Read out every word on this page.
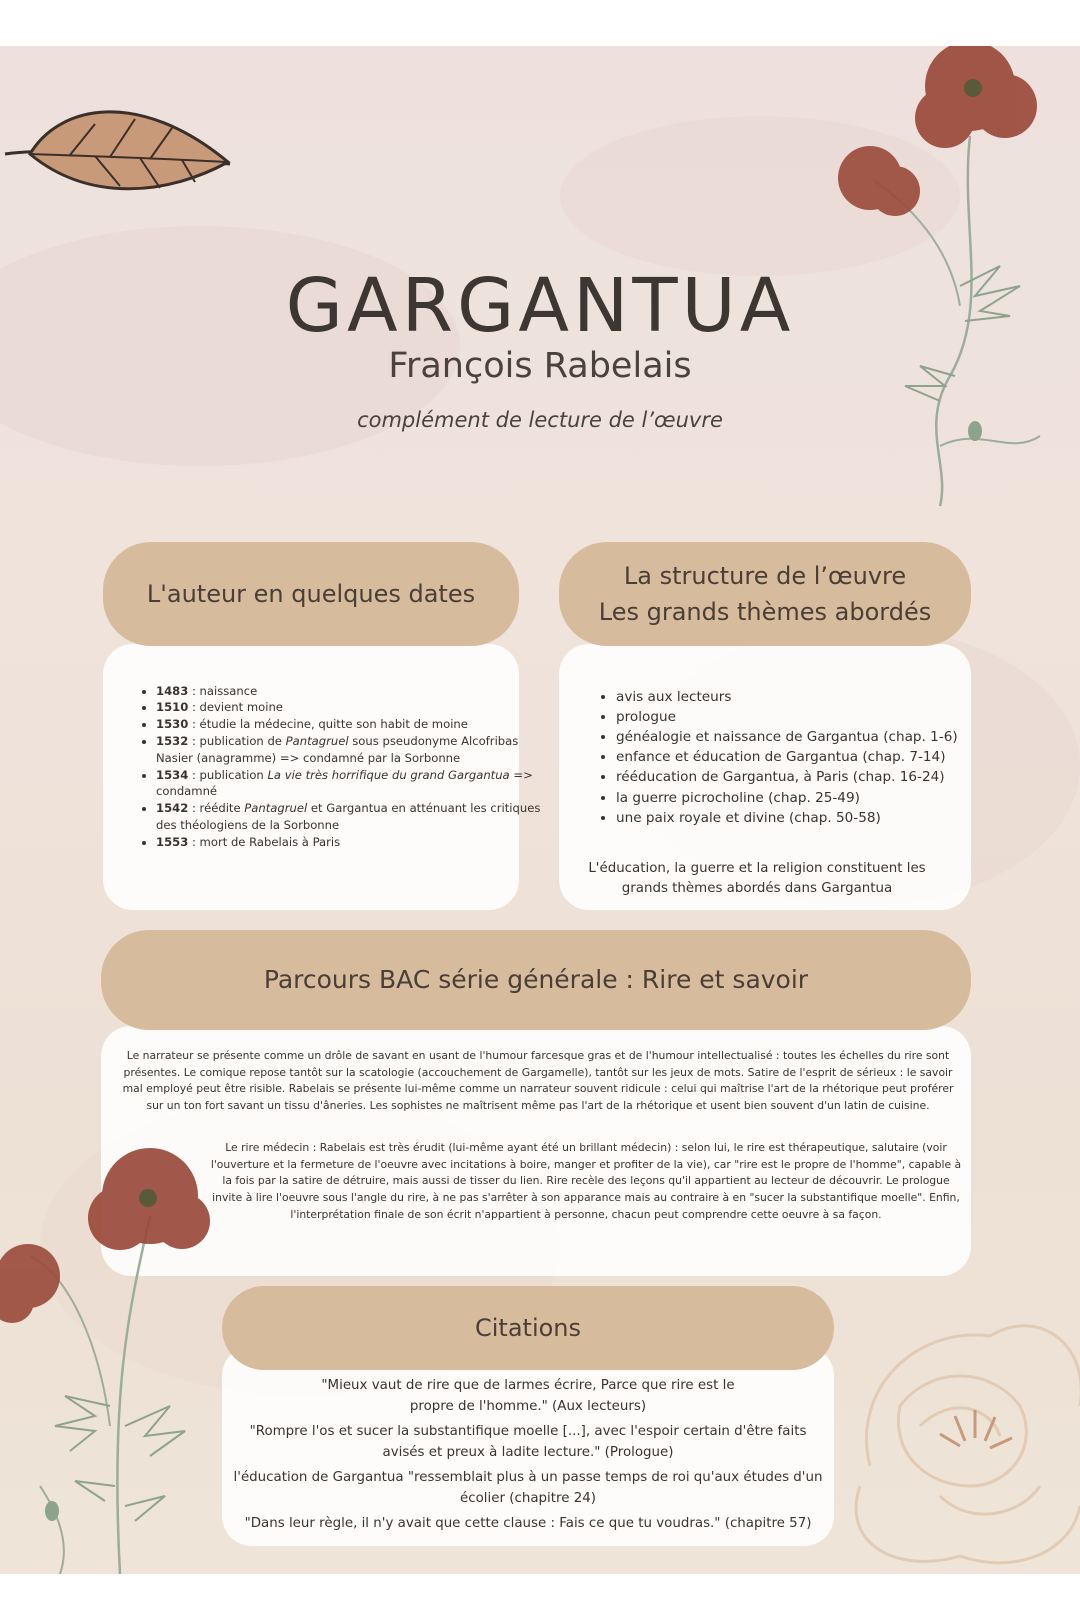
GARGANTUA
François Rabelais
complément de lecture de l’œuvre
L'auteur en quelques dates
• 1483 : naissance
• 1510 : devient moine
• 1530 : étudie la médecine, quitte son habit de moine
• 1532 : publication de Pantagruel sous pseudonyme Alcofribas Nasier (anagramme) => condamné par la Sorbonne
• 1534 : publication La vie très horrifique du grand Gargantua => condamné
• 1542 : réédite Pantagruel et Gargantua en atténuant les critiques des théologiens de la Sorbonne
• 1553 : mort de Rabelais à Paris
La structure de l’œuvre
Les grands thèmes abordés
• avis aux lecteurs
• prologue
• généalogie et naissance de Gargantua (chap. 1-6)
• enfance et éducation de Gargantua (chap. 7-14)
• rééducation de Gargantua, à Paris (chap. 16-24)
• la guerre picrocholine (chap. 25-49)
• une paix royale et divine (chap. 50-58)
L'éducation, la guerre et la religion constituent les grands thèmes abordés dans Gargantua
Parcours BAC série générale : Rire et savoir
Le narrateur se présente comme un drôle de savant en usant de l'humour farcesque gras et de l'humour intellectualisé : toutes les échelles du rire sont présentes. Le comique repose tantôt sur la scatologie (accouchement de Gargamelle), tantôt sur les jeux de mots. Satire de l'esprit de sérieux : le savoir mal employé peut être risible. Rabelais se présente lui-même comme un narrateur souvent ridicule : celui qui maîtrise l'art de la rhétorique peut proférer sur un ton fort savant un tissu d'âneries. Les sophistes ne maîtrisent même pas l'art de la rhétorique et usent bien souvent d'un latin de cuisine.
Le rire médecin : Rabelais est très érudit (lui-même ayant été un brillant médecin) : selon lui, le rire est thérapeutique, salutaire (voir l'ouverture et la fermeture de l'oeuvre avec incitations à boire, manger et profiter de la vie), car "rire est le propre de l'homme", capable à la fois par la satire de détruire, mais aussi de tisser du lien. Rire recèle des leçons qu'il appartient au lecteur de découvrir. Le prologue invite à lire l'oeuvre sous l'angle du rire, à ne pas s'arrêter à son apparance mais au contraire à en "sucer la substantifique moelle". Enfin, l'interprétation finale de son écrit n'appartient à personne, chacun peut comprendre cette oeuvre à sa façon.
Citations
"Mieux vaut de rire que de larmes écrire, Parce que rire est le propre de l'homme." (Aux lecteurs)
"Rompre l'os et sucer la substantifique moelle [...], avec l'espoir certain d'être faits avisés et preux à ladite lecture." (Prologue)
l'éducation de Gargantua "ressemblait plus à un passe temps de roi qu'aux études d'un écolier (chapitre 24)
"Dans leur règle, il n'y avait que cette clause : Fais ce que tu voudras." (chapitre 57)
